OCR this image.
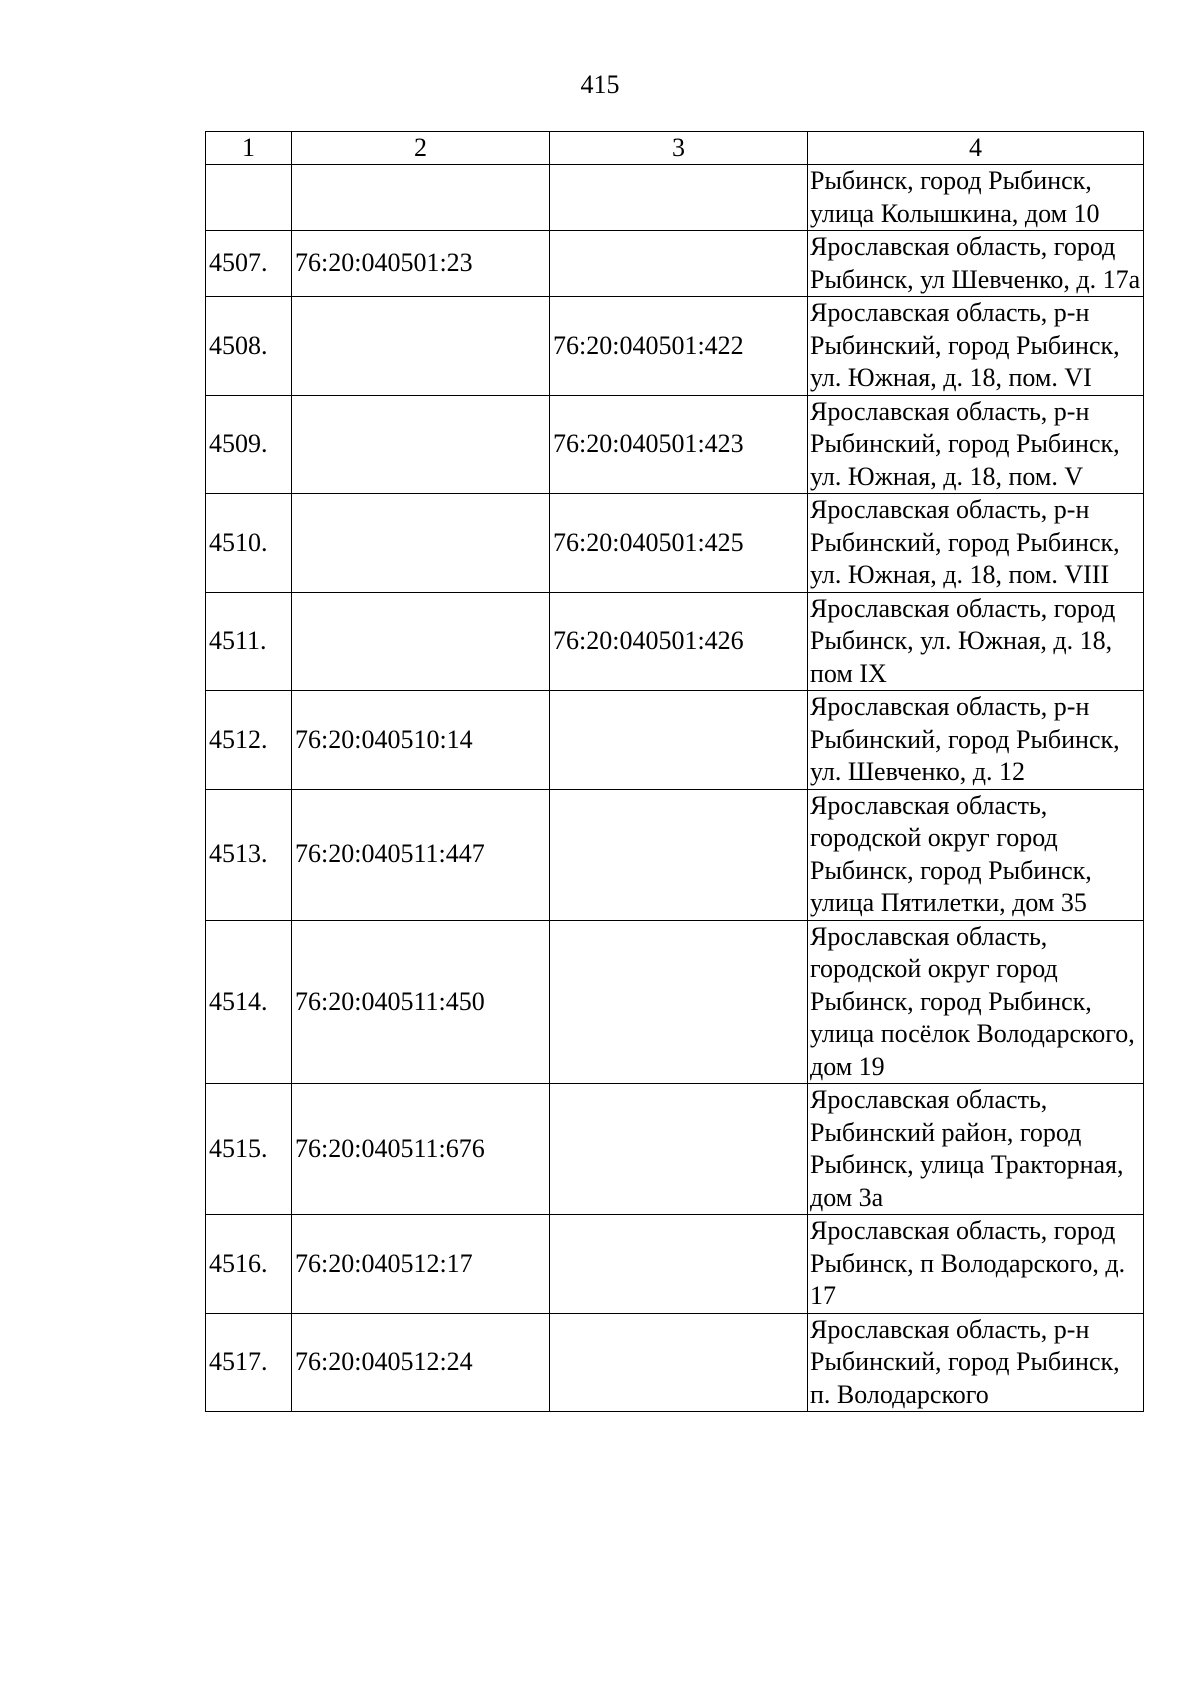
415
1	2	3	4
			Рыбинск, город Рыбинск, улица Колышкина, дом 10
4507.	76:20:040501:23		Ярославская область, город Рыбинск, ул Шевченко, д. 17а
4508.		76:20:040501:422	Ярославская область, р-н Рыбинский, город Рыбинск, ул. Южная, д. 18, пом. VI
4509.		76:20:040501:423	Ярославская область, р-н Рыбинский, город Рыбинск, ул. Южная, д. 18, пом. V
4510.		76:20:040501:425	Ярославская область, р-н Рыбинский, город Рыбинск, ул. Южная, д. 18, пом. VIII
4511.		76:20:040501:426	Ярославская область, город Рыбинск, ул. Южная, д. 18, пом IX
4512.	76:20:040510:14		Ярославская область, р-н Рыбинский, город Рыбинск, ул. Шевченко, д. 12
4513.	76:20:040511:447		Ярославская область, городской округ город Рыбинск, город Рыбинск, улица Пятилетки, дом 35
4514.	76:20:040511:450		Ярославская область, городской округ город Рыбинск, город Рыбинск, улица посёлок Володарского, дом 19
4515.	76:20:040511:676		Ярославская область, Рыбинский район, город Рыбинск, улица Тракторная, дом 3а
4516.	76:20:040512:17		Ярославская область, город Рыбинск, п Володарского, д. 17
4517.	76:20:040512:24		Ярославская область, р-н Рыбинский, город Рыбинск, п. Володарского
